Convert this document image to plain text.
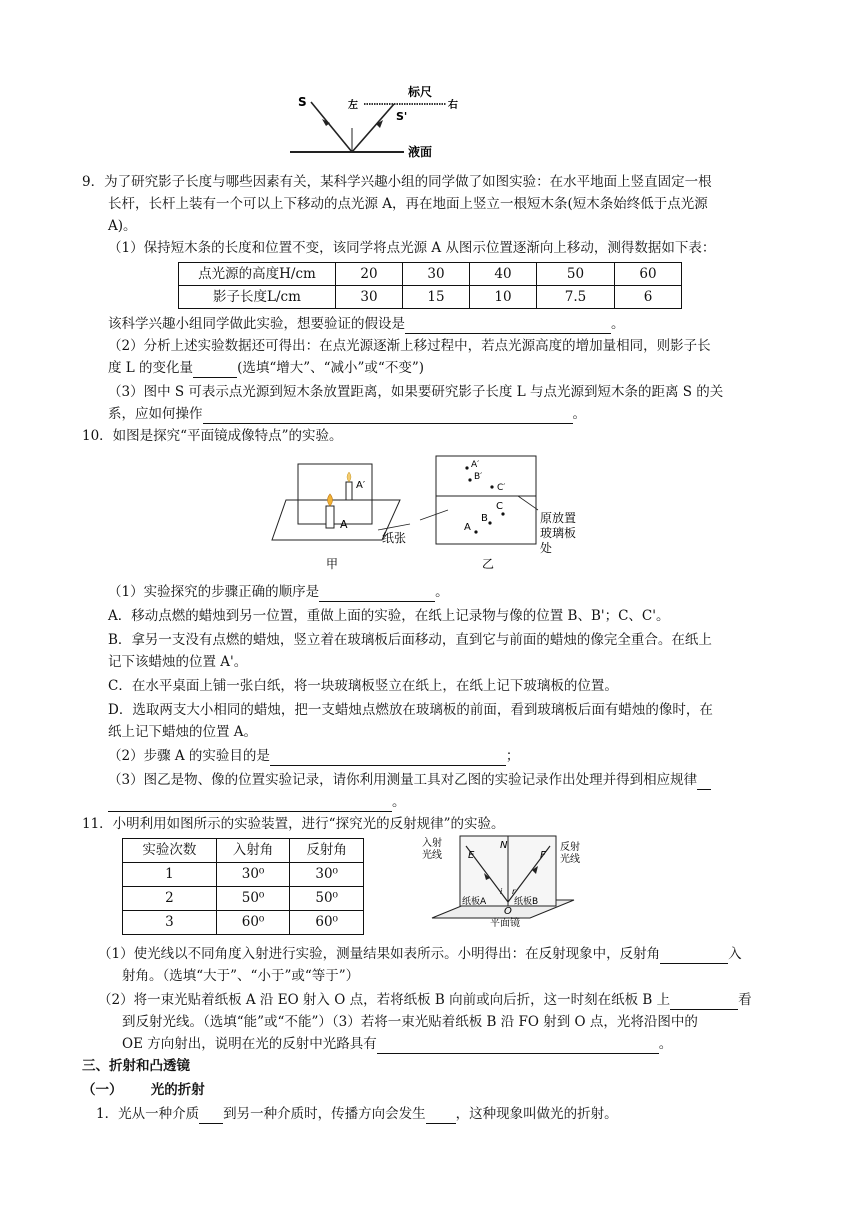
S
S'
标尺
左	右
液面
9．为了研究影子长度与哪些因素有关，某科学兴趣小组的同学做了如图实验：在水平地面上竖直固定一根
长杆，长杆上装有一个可以上下移动的点光源 A，再在地面上竖立一根短木条(短木条始终低于点光源
A)。
（1）保持短木条的长度和位置不变，该同学将点光源 A 从图示位置逐渐向上移动，测得数据如下表：
点光源的高度H/cm	20	30	40	50	60
影子长度L/cm	30	15	10	7.5	6
该科学兴趣小组同学做此实验，想要验证的假设是	。
（2）分析上述实验数据还可得出：在点光源逐渐上移过程中，若点光源高度的增加量相同，则影子长
度 L 的变化量	(选填“增大”、“减小”或“不变”)
（3）图中 S 可表示点光源到短木条放置距离，如果要研究影子长度 L 与点光源到短木条的距离 S 的关
系，应如何操作	。
10．如图是探究“平面镜成像特点”的实验。
A
A′
甲
纸张
A′
B′
C′
A
B
C
乙
原放置
玻璃板
处
（1）实验探究的步骤正确的顺序是	。
A．移动点燃的蜡烛到另一位置，重做上面的实验，在纸上记录物与像的位置 B、B'；C、C'。
B．拿另一支没有点燃的蜡烛，竖立着在玻璃板后面移动，直到它与前面的蜡烛的像完全重合。在纸上
记下该蜡烛的位置 A'。
C．在水平桌面上铺一张白纸，将一块玻璃板竖立在纸上，在纸上记下玻璃板的位置。
D．选取两支大小相同的蜡烛，把一支蜡烛点燃放在玻璃板的前面，看到玻璃板后面有蜡烛的像时，在
纸上记下蜡烛的位置 A。
（2）步骤 A 的实验目的是	；
（3）图乙是物、像的位置实验记录，请你利用测量工具对乙图的实验记录作出处理并得到相应规律
。
11．小明利用如图所示的实验装置，进行“探究光的反射规律”的实验。
实验次数	入射角	反射角
1	30⁰	30⁰
2	50⁰	50⁰
3	60⁰	60⁰
入射
光线
反射
光线
E
N
F
i r
纸板A	纸板B
O
平面镜
（1）使光线以不同角度入射进行实验，测量结果如表所示。小明得出：在反射现象中，反射角	入
射角。（选填“大于”、“小于”或“等于”）
（2）将一束光贴着纸板 A 沿 EO 射入 O 点，若将纸板 B 向前或向后折，这一时刻在纸板 B 上	看
到反射光线。（选填“能”或“不能”）（3）若将一束光贴着纸板 B 沿 FO 射到 O 点，光将沿图中的
OE 方向射出，说明在光的反射中光路具有	。
三、折射和凸透镜
（一）      光的折射
1．光从一种介质 到另一种介质时，传播方向会发生 ，这种现象叫做光的折射。
